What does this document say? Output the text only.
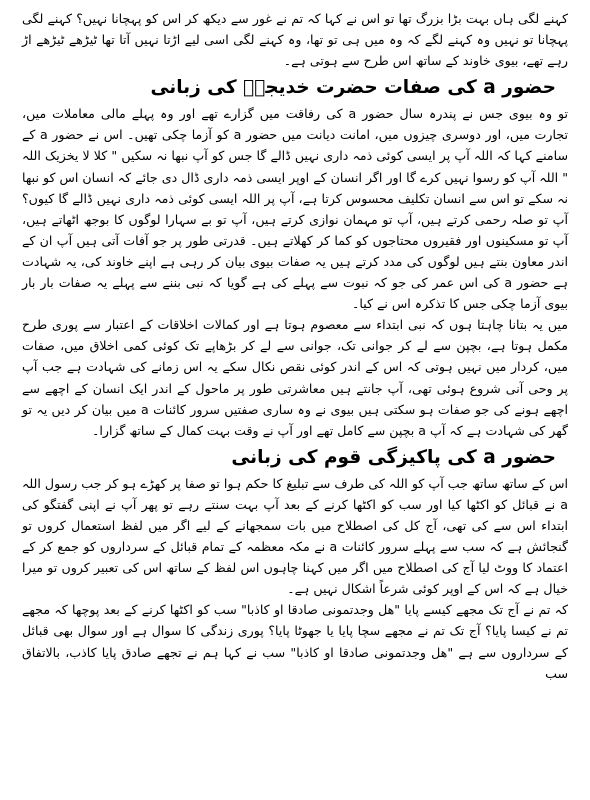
کہنے لگی ہاں بہت بڑا بزرگ تھا تو اس نے کہا کہ تم نے غور سے دیکھ کر اس کو پہچانا نہیں؟ کہنے لگی پہچانا تو نہیں وہ کہنے لگے کہ وہ میں ہی تو تھا، وہ کہنے لگی اسی لیے اڑتا نہیں آتا تھا ٹیڑھے ٹیڑھے اڑ رہے تھے، بیوی خاوند کے ساتھ اس طرح سے ہوتی ہے۔

حضور a کی صفات حضرت خدیجہؓ کی زبانی

تو وہ بیوی جس نے پندرہ سال حضور a کی رفاقت میں گزارے تھے اور وہ پہلے مالی معاملات میں، تجارت میں، اور دوسری چیزوں میں، امانت دیانت میں حضور a کو آزما چکی تھیں۔ اس نے حضور a کے سامنے کہا کہ اللہ آپ پر ایسی کوئی ذمہ داری نہیں ڈالے گا جس کو آپ نبھا نہ سکیں " کلا لا یخزیک اللہ " اللہ آپ کو رسوا نہیں کرے گا اور اگر انسان کے اوپر ایسی ذمہ داری ڈال دی جائے کہ انسان اس کو نبھا نہ سکے تو اس سے انسان تکلیف محسوس کرتا ہے، آپ پر اللہ ایسی کوئی ذمہ داری نہیں ڈالے گا کیوں؟ آپ تو صلہ رحمی کرتے ہیں، آپ تو مہمان نوازی کرتے ہیں، آپ تو بے سہارا لوگوں کا بوجھ اٹھاتے ہیں، آپ تو مسکینوں اور فقیروں محتاجوں کو کما کر کھلاتے ہیں۔ قدرتی طور پر جو آفات آتی ہیں آپ ان کے اندر معاون بنتے ہیں لوگوں کی مدد کرتے ہیں یہ صفات بیوی بیان کر رہی ہے اپنے خاوند کی، یہ شہادت ہے حضور a کی اس عمر کی جو کہ نبوت سے پہلے کی ہے گویا کہ نبی بننے سے پہلے یہ صفات بار بار بیوی آزما چکی جس کا تذکرہ اس نے کیا۔

میں یہ بتانا چاہتا ہوں کہ نبی ابتداء سے معصوم ہوتا ہے اور کمالات اخلاقات کے اعتبار سے پوری طرح مکمل ہوتا ہے، بچپن سے لے کر جوانی تک، جوانی سے لے کر بڑھاپے تک کوئی کمی اخلاق میں، صفات میں، کردار میں نہیں ہوتی کہ اس کے اندر کوئی نقص نکال سکے یہ اس زمانے کی شہادت ہے جب آپ پر وحی آنی شروع ہوئی تھی، آپ جانتے ہیں معاشرتی طور پر ماحول کے اندر ایک انسان کے اچھے سے اچھے ہونے کی جو صفات ہو سکتی ہیں بیوی نے وہ ساری صفتیں سرور کائنات a میں بیان کر دیں یہ تو گھر کی شہادت ہے کہ آپ a بچپن سے کامل تھے اور آپ نے وقت بہت کمال کے ساتھ گزارا۔

حضور a کی پاکیزگی قوم کی زبانی

اس کے ساتھ ساتھ جب آپ کو اللہ کی طرف سے تبلیغ کا حکم ہوا تو صفا پر کھڑے ہو کر جب رسول اللہ a نے قبائل کو اکٹھا کیا اور سب کو اکٹھا کرنے کے بعد آپ بہت سنتے رہے تو پھر آپ نے اپنی گفتگو کی ابتداء اس سے کی تھی، آج کل کی اصطلاح میں بات سمجھانے کے لیے اگر میں لفظ استعمال کروں تو گنجائش ہے کہ سب سے پہلے سرور کائنات a نے مکہ معظمہ کے تمام قبائل کے سرداروں کو جمع کر کے اعتماد کا ووٹ لیا آج کی اصطلاح میں اگر میں کہنا چاہوں اس لفظ کے ساتھ اس کی تعبیر کروں تو میرا خیال ہے کہ اس کے اوپر کوئی شرعاً اشکال نہیں ہے۔

کہ تم نے آج تک مجھے کیسے پایا "ھل وجدتمونی صادقا او کاذبا" سب کو اکٹھا کرنے کے بعد پوچھا کہ مجھے تم نے کیسا پایا؟ آج تک تم نے مجھے سچا پایا یا جھوٹا پایا؟ پوری زندگی کا سوال ہے اور سوال بھی قبائل کے سرداروں سے ہے "ھل وجدتمونی صادقا او کاذبا" سب نے کہا ہم نے تجھے صادق پایا کاذب، بالاتفاق سب
